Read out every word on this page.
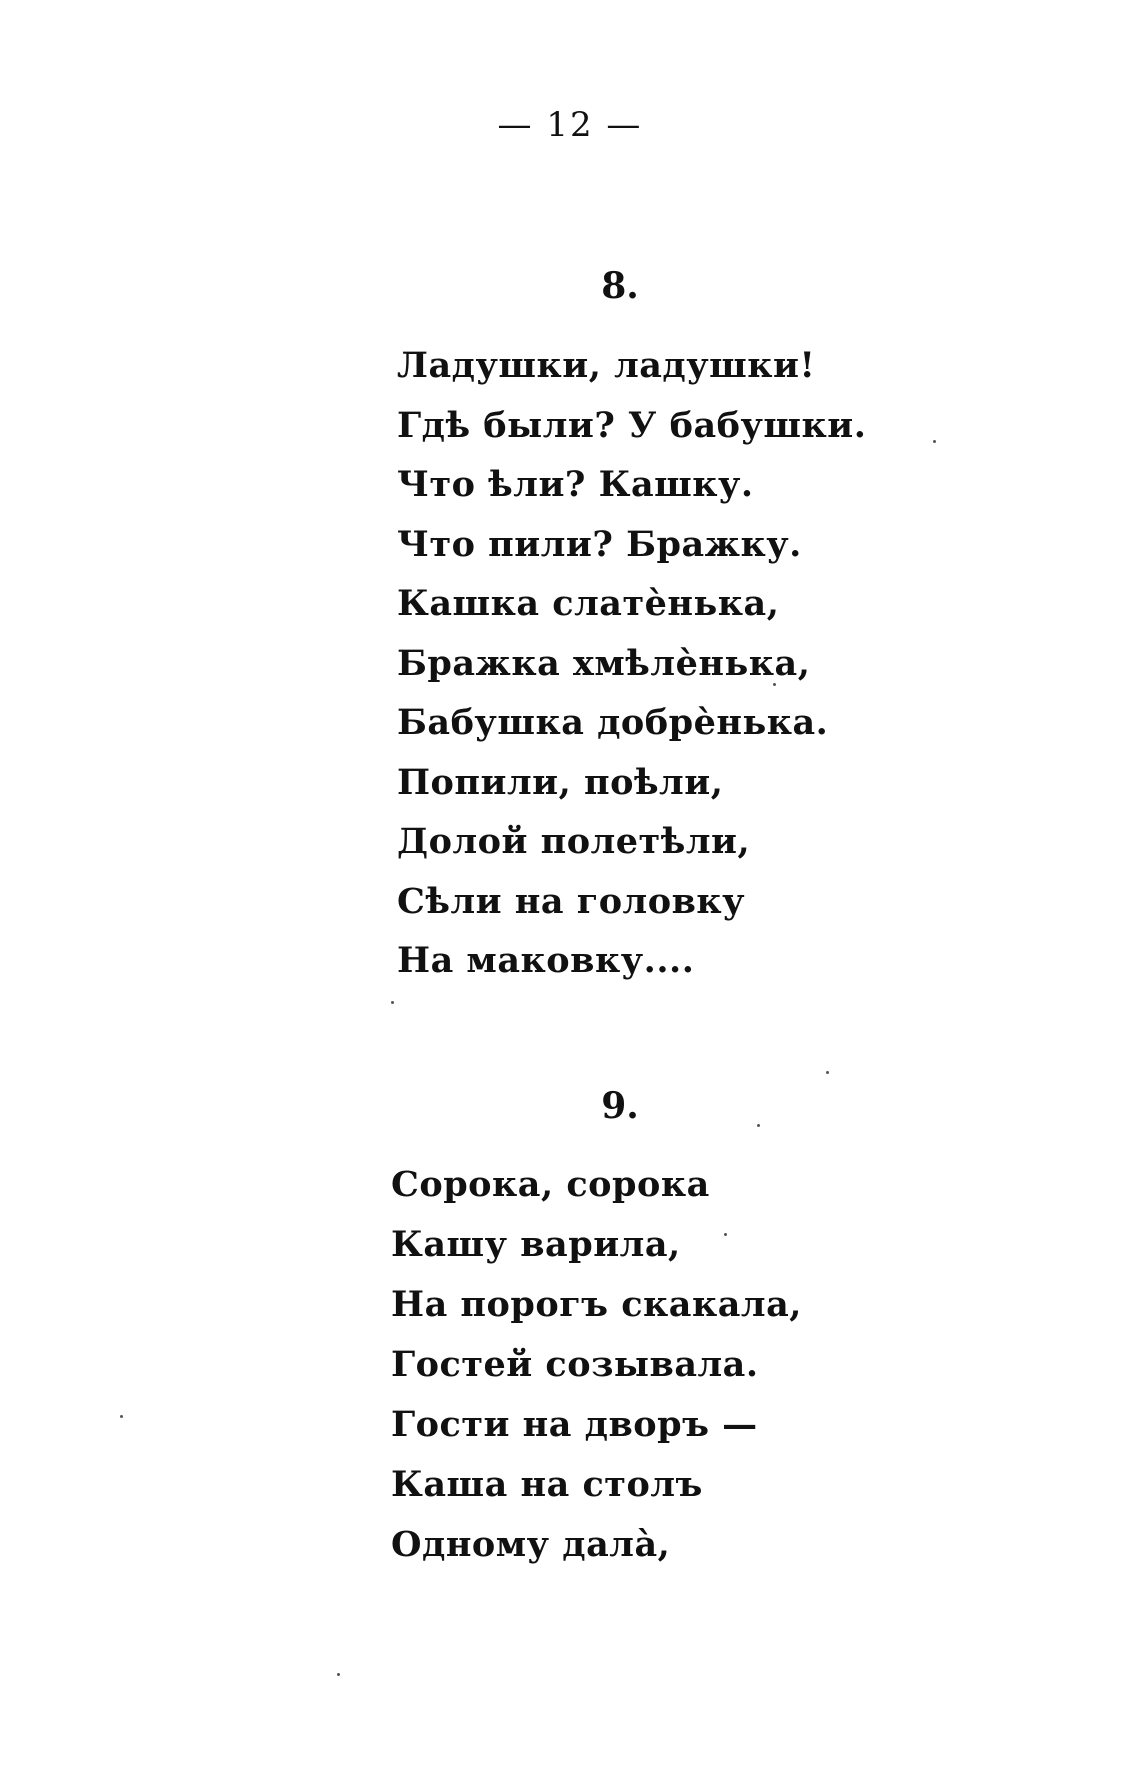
— 12 —
8.
Ладушки, ладушки!
Гдѣ были? У бабушки.
Что ѣли? Кашку.
Что пили? Бражку.
Кашка слатѐнька,
Бражка хмѣлѐнька,
Бабушка добрѐнька.
Попили, поѣли,
Долой полетѣли,
Сѣли на головку
На маковку....
9.
Сорока, сорока
Кашу варила,
На порогъ скакала,
Гостей созывала.
Гости на дворъ —
Каша на столъ
Одному дала̀,
